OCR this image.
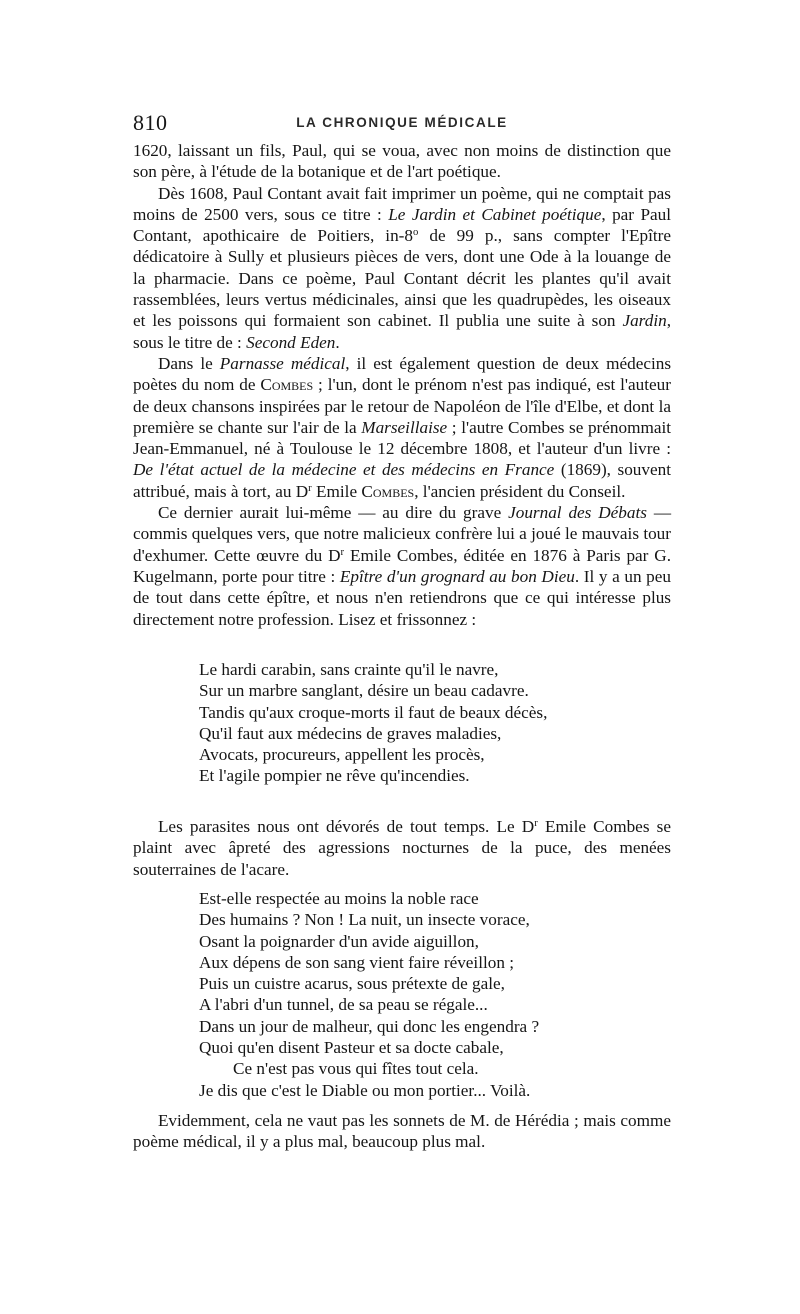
810	LA CHRONIQUE MÉDICALE

1620, laissant un fils, Paul, qui se voua, avec non moins de distinction que son père, à l'étude de la botanique et de l'art poétique.

Dès 1608, Paul Contant avait fait imprimer un poème, qui ne comptait pas moins de 2500 vers, sous ce titre : Le Jardin et Cabinet poétique, par Paul Contant, apothicaire de Poitiers, in-8$^o$ de 99 p., sans compter l'Epître dédicatoire à Sully et plusieurs pièces de vers, dont une Ode à la louange de la pharmacie. Dans ce poème, Paul Contant décrit les plantes qu'il avait rassemblées, leurs vertus médicinales, ainsi que les quadrupèdes, les oiseaux et les poissons qui formaient son cabinet. Il publia une suite à son Jardin, sous le titre de : Second Eden.

Dans le Parnasse médical, il est également question de deux médecins poètes du nom de Combes ; l'un, dont le prénom n'est pas indiqué, est l'auteur de deux chansons inspirées par le retour de Napoléon de l'île d'Elbe, et dont la première se chante sur l'air de la Marseillaise ; l'autre Combes se prénommait Jean-Emmanuel, né à Toulouse le 12 décembre 1808, et l'auteur d'un livre : De l'état actuel de la médecine et des médecins en France (1869), souvent attribué, mais à tort, au $D^r$ Emile Combes, l'ancien président du Conseil.

Ce dernier aurait lui-même — au dire du grave Journal des Débats — commis quelques vers, que notre malicieux confrère lui a joué le mauvais tour d'exhumer. Cette œuvre du $D^r$ Emile Combes, éditée en 1876 à Paris par G. Kugelmann, porte pour titre : Epître d'un grognard au bon Dieu. Il y a un peu de tout dans cette épître, et nous n'en retiendrons que ce qui intéresse plus directement notre profession. Lisez et frissonnez :

Le hardi carabin, sans crainte qu'il le navre,
Sur un marbre sanglant, désire un beau cadavre.
Tandis qu'aux croque-morts il faut de beaux décès,
Qu'il faut aux médecins de graves maladies,
Avocats, procureurs, appellent les procès,
Et l'agile pompier ne rêve qu'incendies.

Les parasites nous ont dévorés de tout temps. Le $D^r$ Emile Combes se plaint avec âpreté des agressions nocturnes de la puce, des menées souterraines de l'acare.

Est-elle respectée au moins la noble race
Des humains ? Non ! La nuit, un insecte vorace,
Osant la poignarder d'un avide aiguillon,
Aux dépens de son sang vient faire réveillon ;
Puis un cuistre acarus, sous prétexte de gale,
A l'abri d'un tunnel, de sa peau se régale...
Dans un jour de malheur, qui donc les engendra ?
Quoi qu'en disent Pasteur et sa docte cabale,
Ce n'est pas vous qui fîtes tout cela.
Je dis que c'est le Diable ou mon portier... Voilà.

Evidemment, cela ne vaut pas les sonnets de M. de Hérédia ; mais comme poème médical, il y a plus mal, beaucoup plus mal.
